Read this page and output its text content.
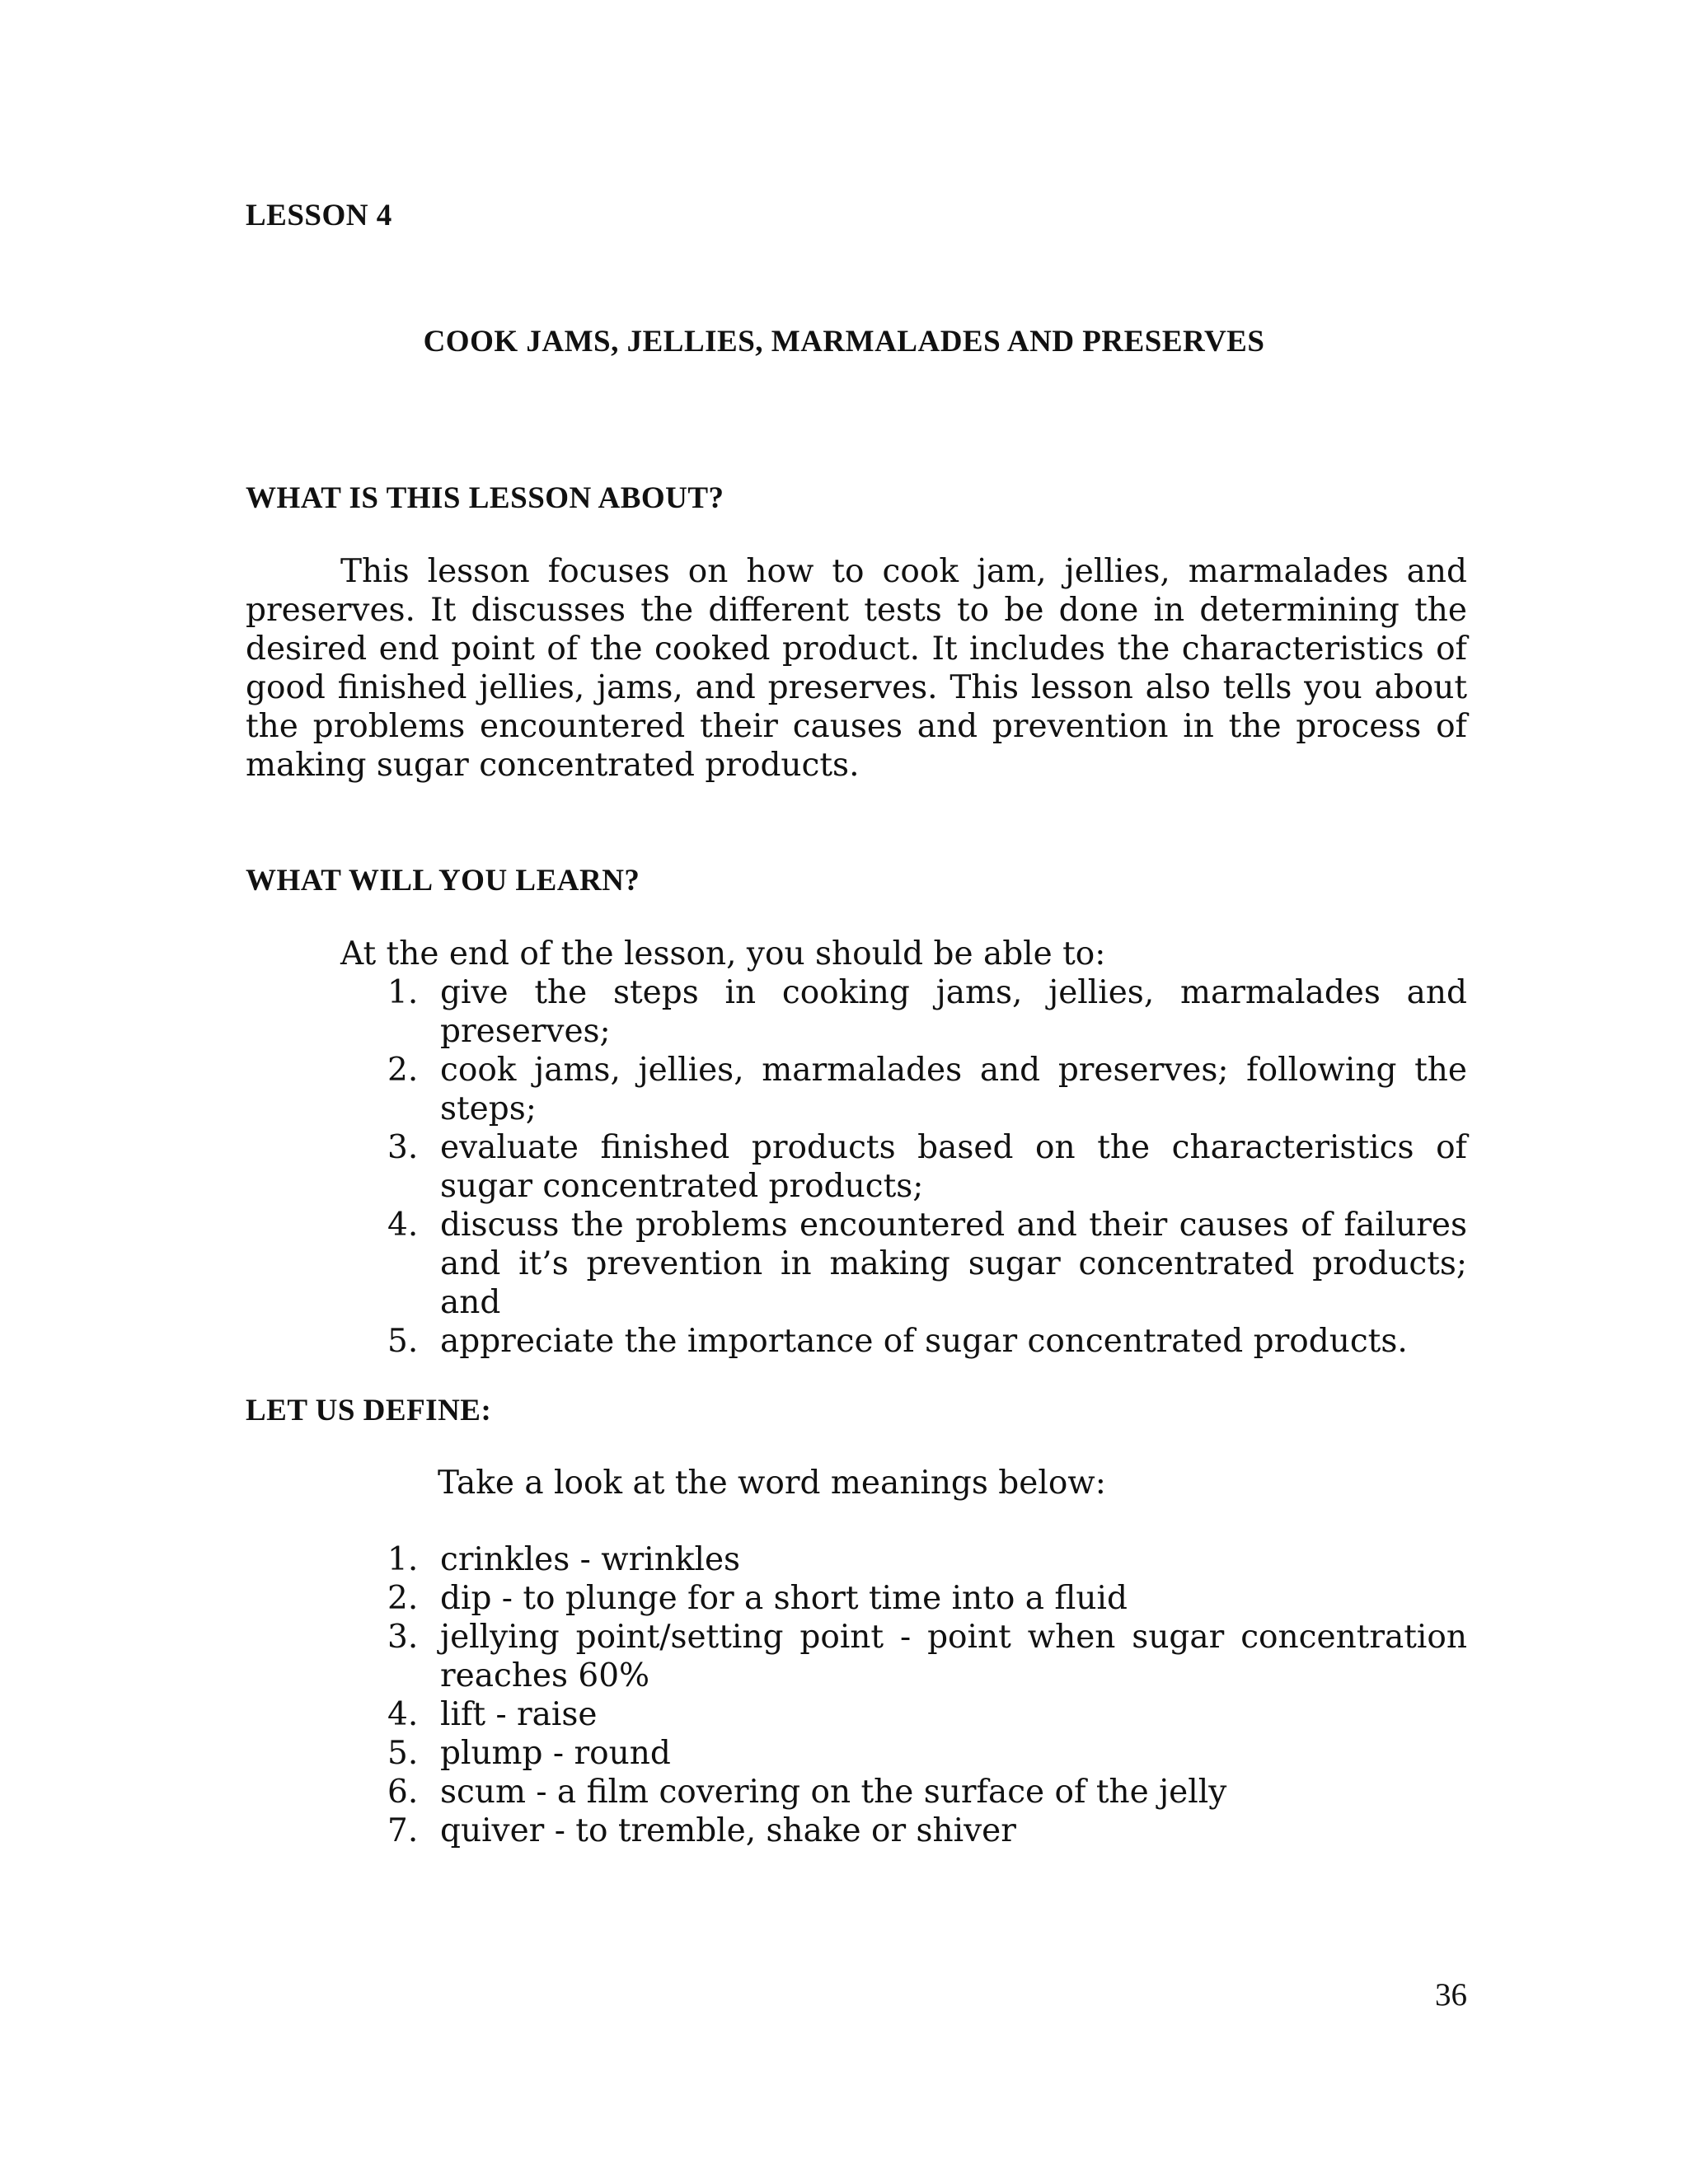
LESSON 4
COOK JAMS, JELLIES, MARMALADES AND PRESERVES
WHAT IS THIS LESSON ABOUT?

This lesson focuses on how to cook jam, jellies, marmalades and preserves. It discusses the different tests to be done in determining the desired end point of the cooked product. It includes the characteristics of good finished jellies, jams, and preserves. This lesson also tells you about the problems encountered their causes and prevention in the process of making sugar concentrated products.

WHAT WILL YOU LEARN?
At the end of the lesson, you should be able to:
1. give the steps in cooking jams, jellies, marmalades and preserves;
2. cook jams, jellies, marmalades and preserves; following the steps;
3. evaluate finished products based on the characteristics of sugar concentrated products;
4. discuss the problems encountered and their causes of failures and it’s prevention in making sugar concentrated products; and
5. appreciate the importance of sugar concentrated products.
LET US DEFINE:
Take a look at the word meanings below:
1. crinkles - wrinkles
2. dip - to plunge for a short time into a fluid
3. jellying point/setting point - point when sugar concentration reaches 60%
4. lift - raise
5. plump - round
6. scum - a film covering on the surface of the jelly
7. quiver - to tremble, shake or shiver
36
